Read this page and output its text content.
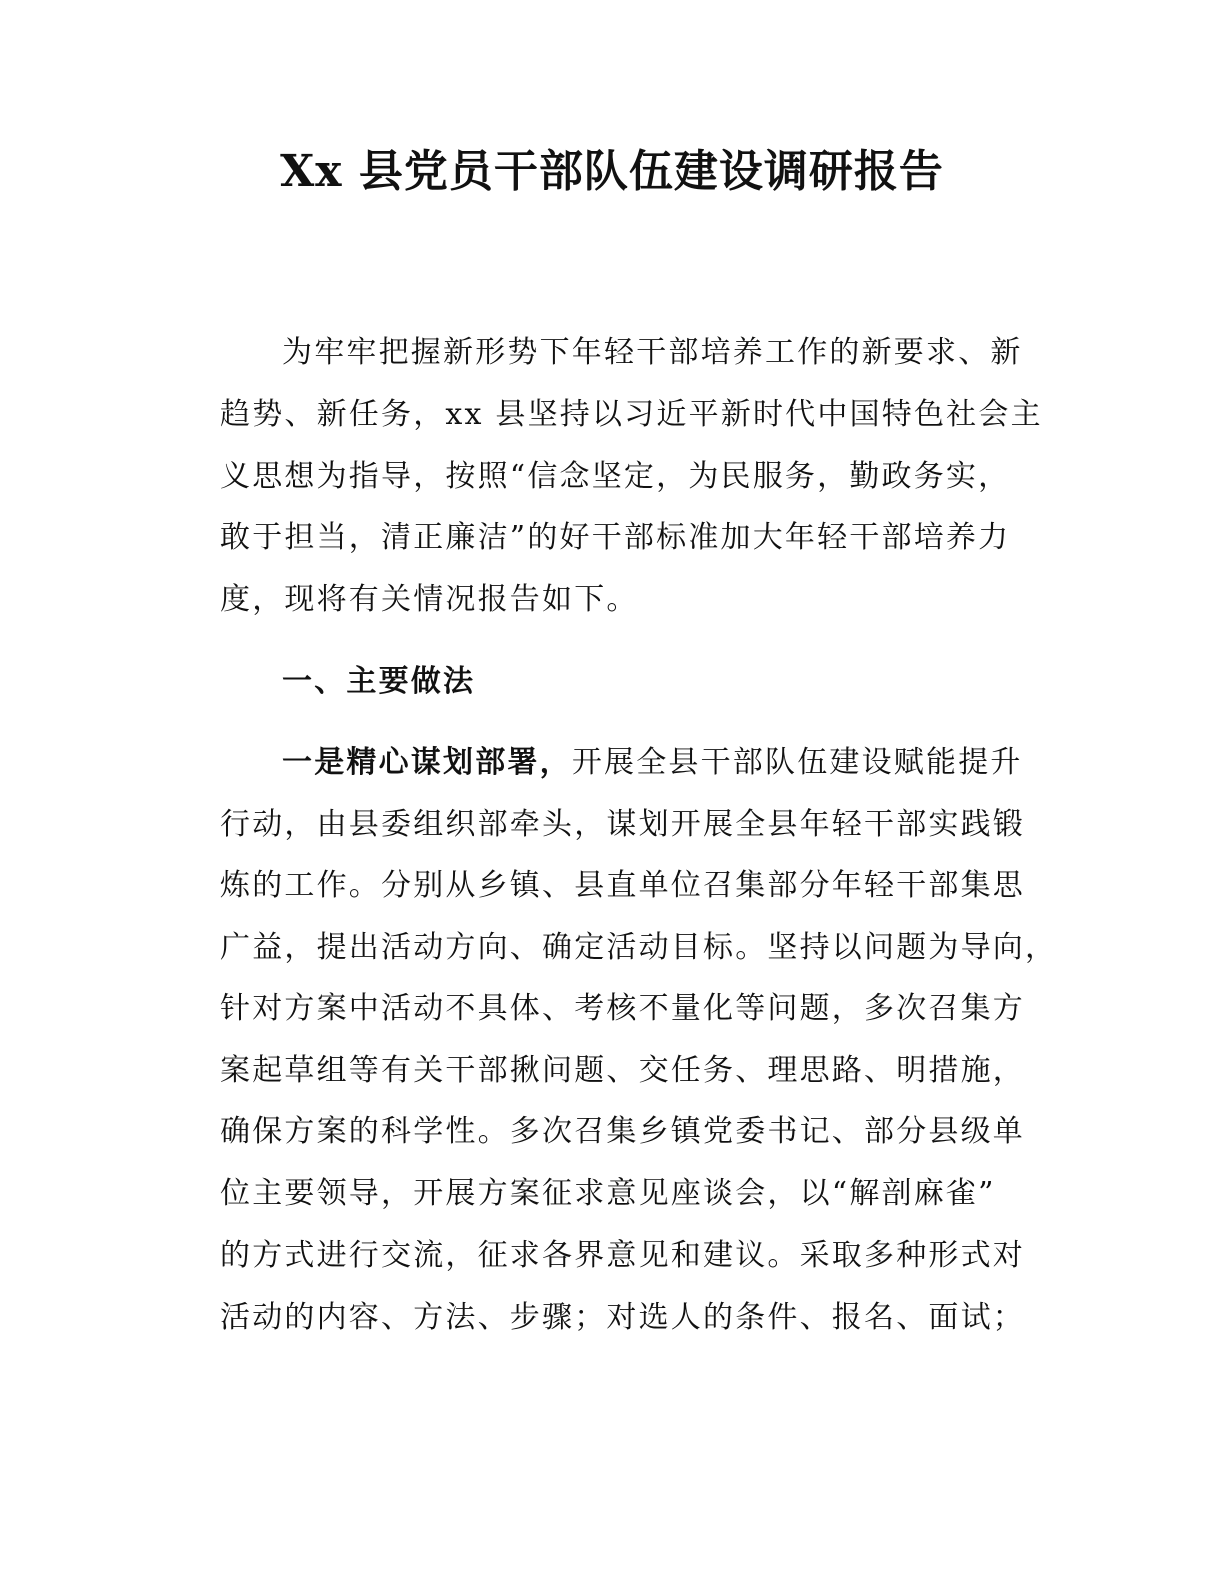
Xx 县党员干部队伍建设调研报告
为牢牢把握新形势下年轻干部培养工作的新要求、新
趋势、新任务，xx 县坚持以习近平新时代中国特色社会主
义思想为指导，按照“信念坚定，为民服务，勤政务实，
敢于担当，清正廉洁”的好干部标准加大年轻干部培养力
度，现将有关情况报告如下。
一、主要做法
一是精心谋划部署，开展全县干部队伍建设赋能提升
行动，由县委组织部牵头，谋划开展全县年轻干部实践锻
炼的工作。分别从乡镇、县直单位召集部分年轻干部集思
广益，提出活动方向、确定活动目标。坚持以问题为导向，
针对方案中活动不具体、考核不量化等问题，多次召集方
案起草组等有关干部揪问题、交任务、理思路、明措施，
确保方案的科学性。多次召集乡镇党委书记、部分县级单
位主要领导，开展方案征求意见座谈会，以“解剖麻雀”
的方式进行交流，征求各界意见和建议。采取多种形式对
活动的内容、方法、步骤；对选人的条件、报名、面试；
